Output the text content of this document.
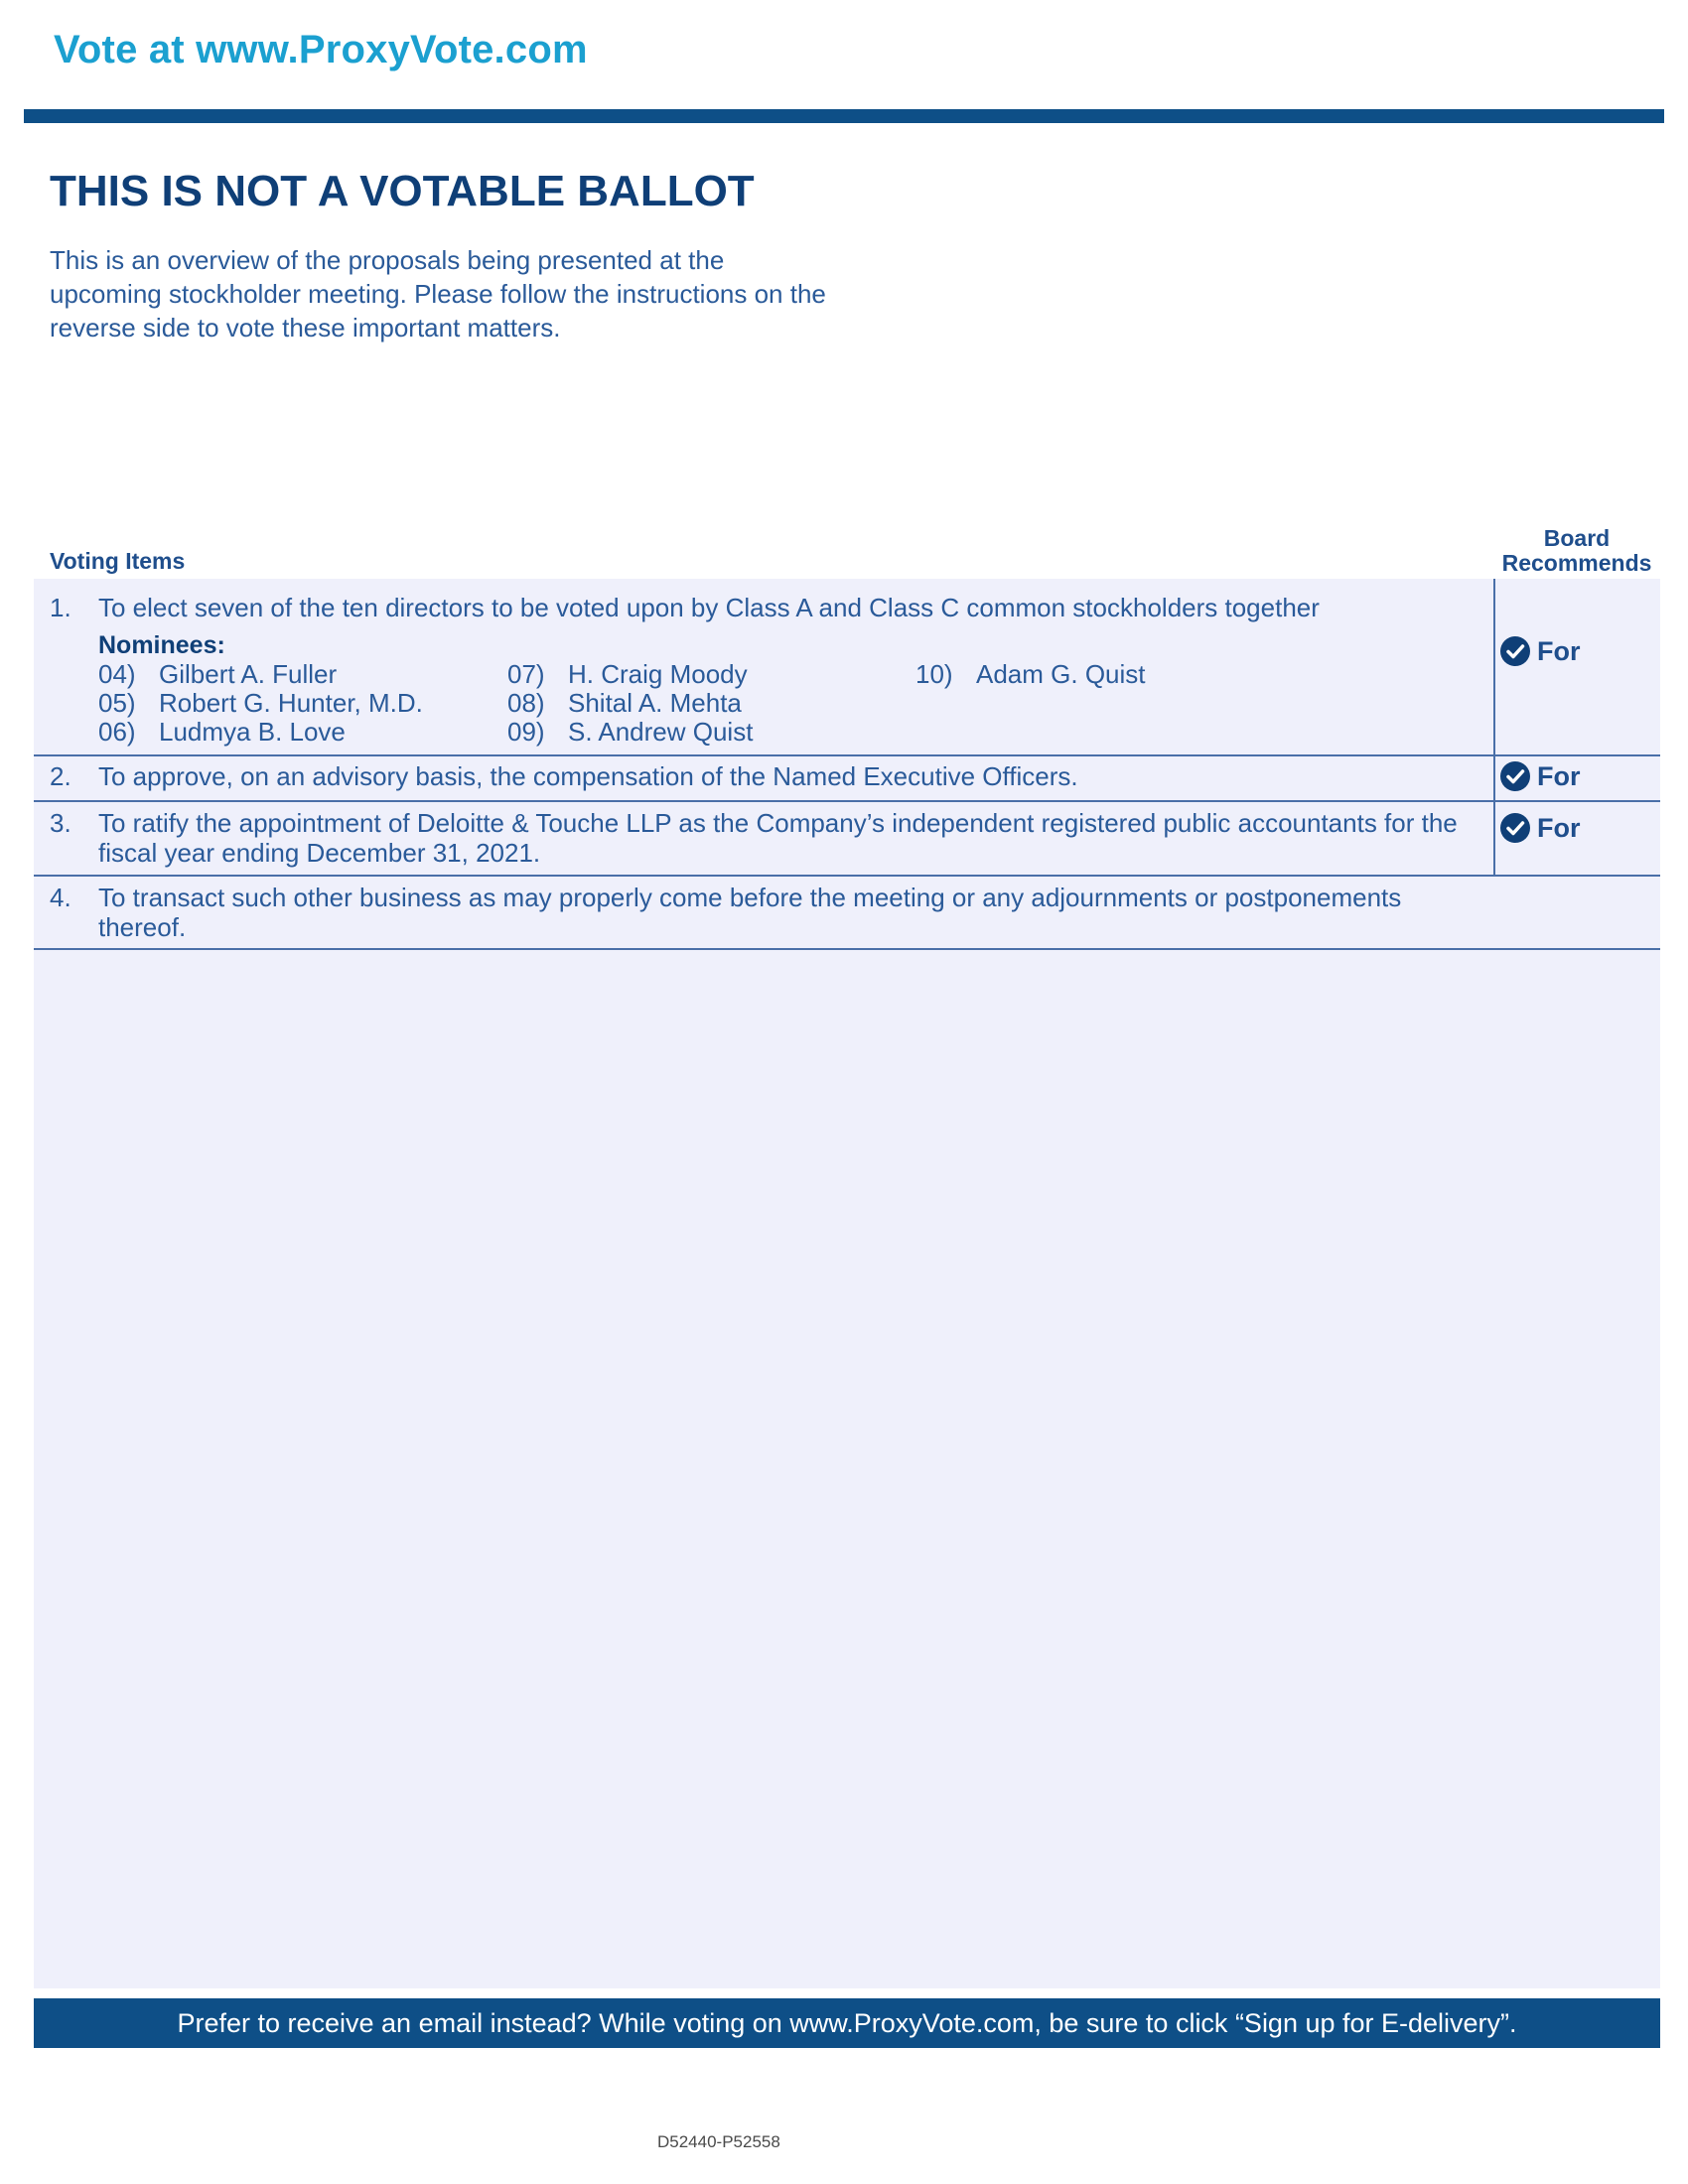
Vote at www.ProxyVote.com
THIS IS NOT A VOTABLE BALLOT
This is an overview of the proposals being presented at the upcoming stockholder meeting. Please follow the instructions on the reverse side to vote these important matters.
Voting Items
Board Recommends
1. To elect seven of the ten directors to be voted upon by Class A and Class C common stockholders together
Nominees:
04) Gilbert A. Fuller
05) Robert G. Hunter, M.D.
06) Ludmya B. Love
07) H. Craig Moody
08) Shital A. Mehta
09) S. Andrew Quist
10) Adam G. Quist
For
2. To approve, on an advisory basis, the compensation of the Named Executive Officers.	For
3. To ratify the appointment of Deloitte & Touche LLP as the Company’s independent registered public accountants for the fiscal year ending December 31, 2021.
For
4. To transact such other business as may properly come before the meeting or any adjournments or postponements thereof.
Prefer to receive an email instead? While voting on www.ProxyVote.com, be sure to click “Sign up for E-delivery”.
D52440-P52558
